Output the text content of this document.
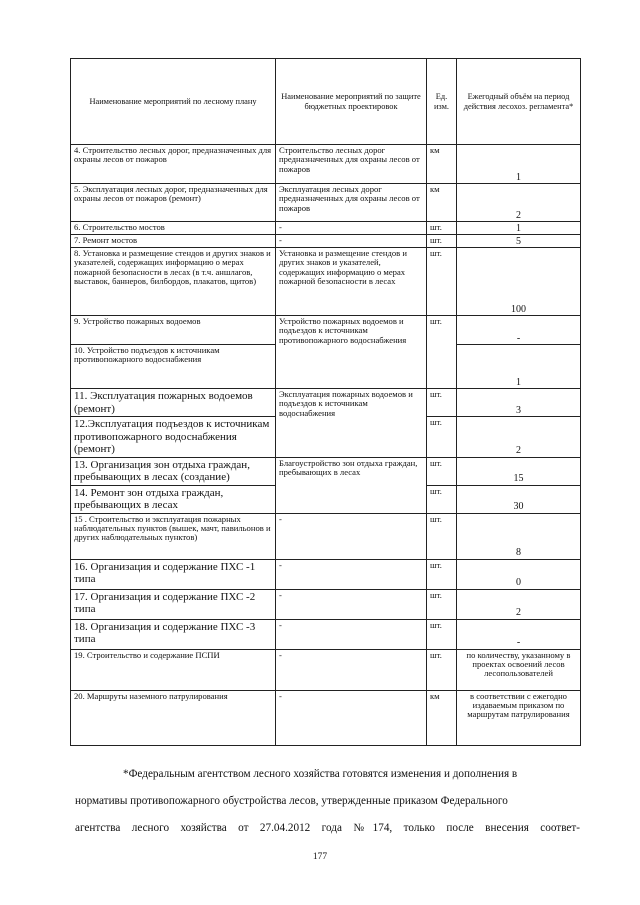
Наименование мероприятий по лесному плану	Наименование мероприятий по защите бюджетных проектировок	Ед. изм.	Ежегодный объём на период действия лесохоз. регламента*
4. Строительство лесных дорог, предназначенных для охраны лесов от пожаров	Строительство лесных дорог предназначенных для охраны лесов от пожаров	км	1
5. Эксплуатация лесных дорог, предназначенных для охраны лесов от пожаров (ремонт)	Эксплуатация лесных дорог предназначенных для охраны лесов от пожаров	км	2
6. Строительство мостов	-	шт.	1
7. Ремонт мостов	-	шт.	5
8. Установка и размещение стендов и других знаков и указателей, содержащих информацию о мерах пожарной безопасности в лесах (в т.ч. аншлагов, выставок, баннеров, билбордов, плакатов, щитов)	Установка и размещение стендов и других знаков и указателей, содержащих информацию о мерах пожарной безопасности в лесах	шт.	100
9. Устройство пожарных водоемов	Устройство пожарных водоемов и подъездов к источникам противопожарного водоснабжения	шт.	-
10. Устройство подъездов к источникам противопожарного водоснабжения			1
11. Эксплуатация пожарных водоемов (ремонт)	Эксплуатация пожарных водоемов и подъездов к источникам водоснабжения	шт.	3
12.Эксплуатация подъездов к источникам противопожарного водоснабжения (ремонт)		шт.	2
13. Организация зон отдыха граждан, пребывающих в лесах (создание)	Благоустройство зон отдыха граждан, пребывающих в лесах	шт.	15
14. Ремонт зон отдыха граждан, пребывающих в лесах		шт.	30
15 . Строительство и эксплуатация пожарных наблюдательных пунктов (вышек, мачт, павильонов и других наблюдательных пунктов)	-	шт.	8
16. Организация и содержание ПХС -1 типа	-	шт.	0
17. Организация и содержание ПХС -2 типа	-	шт.	2
18. Организация и содержание ПХС -3 типа	-	шт.	-
19. Строительство и содержание ПСПИ	-	шт.	по количеству, указанному в проектах освоений лесов лесопользователей
20. Маршруты наземного патрулирования	-	км	в соответствии с ежегодно издаваемым приказом по маршрутам патрулирования
*Федеральным агентством лесного хозяйства готовятся изменения и дополнения в
нормативы противопожарного обустройства лесов, утвержденные приказом Федерального
агентства лесного хозяйства от 27.04.2012 года №174, только после внесения соответ-
177
